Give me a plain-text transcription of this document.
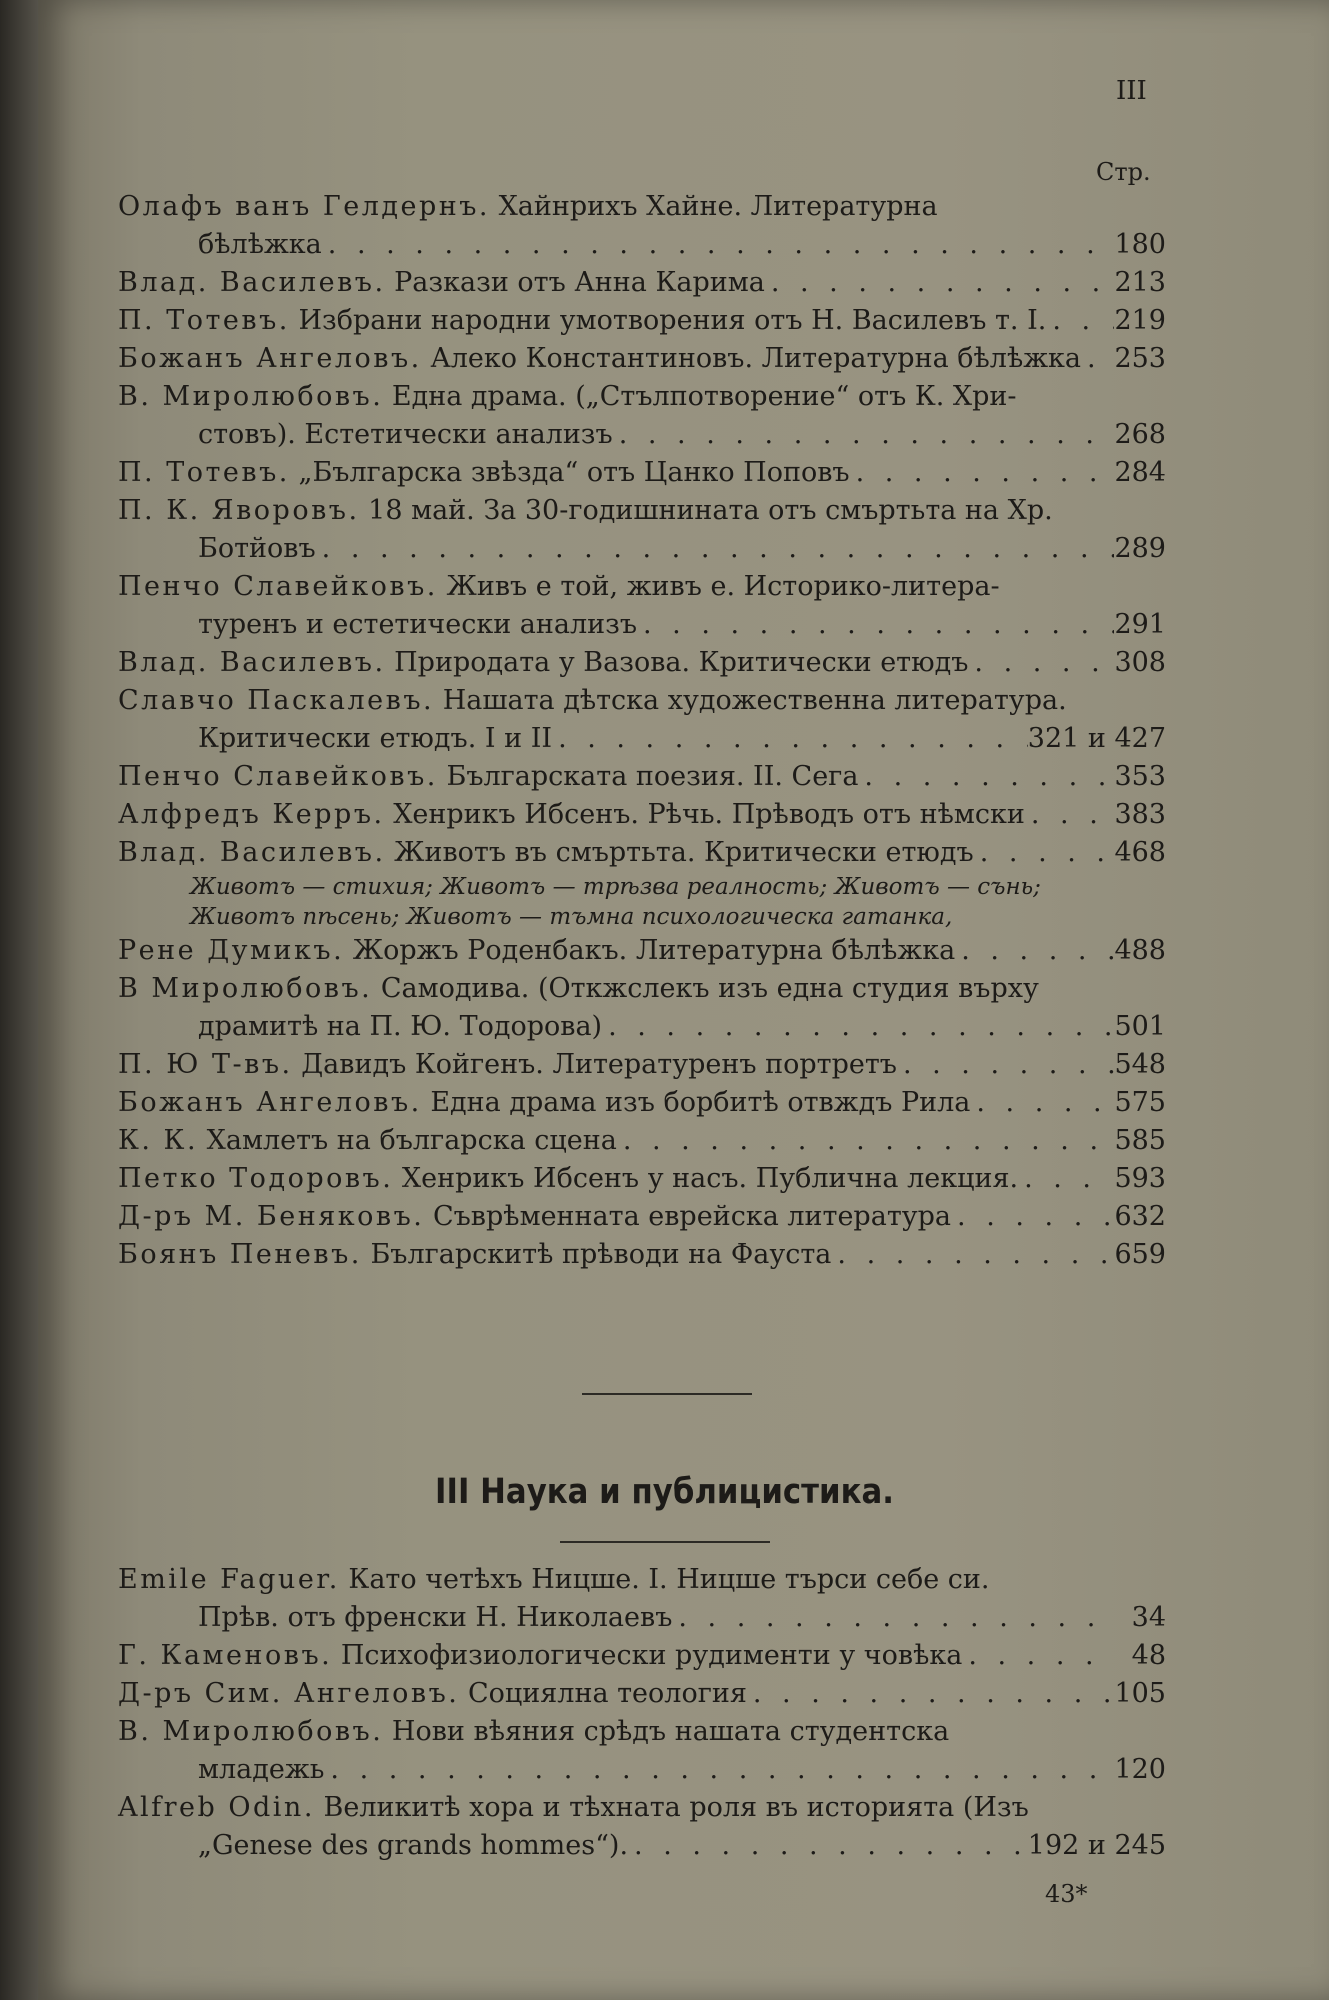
III
Стр.
Олафъ ванъ Гелдернъ.
Хайнрихъ Хайне. Литературна
бѣлѣжка . . .	180
Влад. Василевъ.
Разкази отъ Анна Карима . . .	213
П. Тотевъ.
Избрани народни умотворения отъ Н. Василевъ т. I. . . .	219
Божанъ Ангеловъ.
Алеко Константиновъ. Литературна бѣлѣжка . . . 253
В. Миролюбовъ.
Една драма. („Стълпотворение“ отъ К. Хри-
стовъ). Естетически анализъ . . .	268
П. Тотевъ.
„Българска звѣзда“ отъ Цанко Поповъ . . .	284
П. К. Яворовъ.
18 май. За 30-годишнината отъ смъртьта на Хр.
Ботйовъ . . .	289
Пенчо Славейковъ.
Живъ е той, живъ е. Историко-литера-
туренъ и естетически анализъ . . .	291
Влад. Василевъ.
Природата у Вазова. Критически етюдъ . . .	308
Славчо Паскалевъ.
Нашата дѣтска художественна литература.
Критически етюдъ. I и II . . .	321 и 427
Пенчо Славейковъ.
Българската поезия. II. Сега . . .	353
Алфредъ Керръ.
Хенрикъ Ибсенъ. Рѣчь. Прѣводъ отъ нѣмски . . .	383
Влад. Василевъ.
Животъ въ смъртьта. Критически етюдъ . . .	468
Животъ — стихия; Животъ — трѣзва реалность; Животъ — сънь;
Животъ пѣсень; Животъ — тъмна психологическа гатанка,
Рене Думикъ.
Жоржъ Роденбакъ. Литературна бѣлѣжка . . .	488
В Миролюбовъ.
Самодива. (Откжслекъ изъ една студия върху
драмитѣ на П. Ю. Тодорова) . . .	501
П. Ю Т-въ.
Давидъ Койгенъ. Литературенъ портретъ . . .	548
Божанъ Ангеловъ.
Една драма изъ борбитѣ отвждъ Рила . . .	575
К. К.
Хамлетъ на българска сцена . . .	585
Петко Тодоровъ.
Хенрикъ Ибсенъ у насъ. Публична лекция. . . .	593
Д-ръ М. Беняковъ.
Съврѣменната еврейска литература . . .	632
Боянъ Пеневъ.
Българскитѣ прѣводи на Фауста . . .	659
III Наука и публицистика.
Emile Faguer.
Като четѣхъ Ницше. I. Ницше търси себе си.
Прѣв. отъ френски Н. Николаевъ . . .	34
Г. Каменовъ.
Психофизиологически рудименти у човѣка . . .	48
Д-ръ Сим. Ангеловъ.
Социялна теология . . .	105
В. Миролюбовъ.
Нови вѣяния срѣдъ нашата студентска
младежь . . .	120
Alfreb Odin.
Великитѣ хора и тѣхната роля въ историята (Изъ
„Genese des grands hommes“). . . .	192 и 245
43*
